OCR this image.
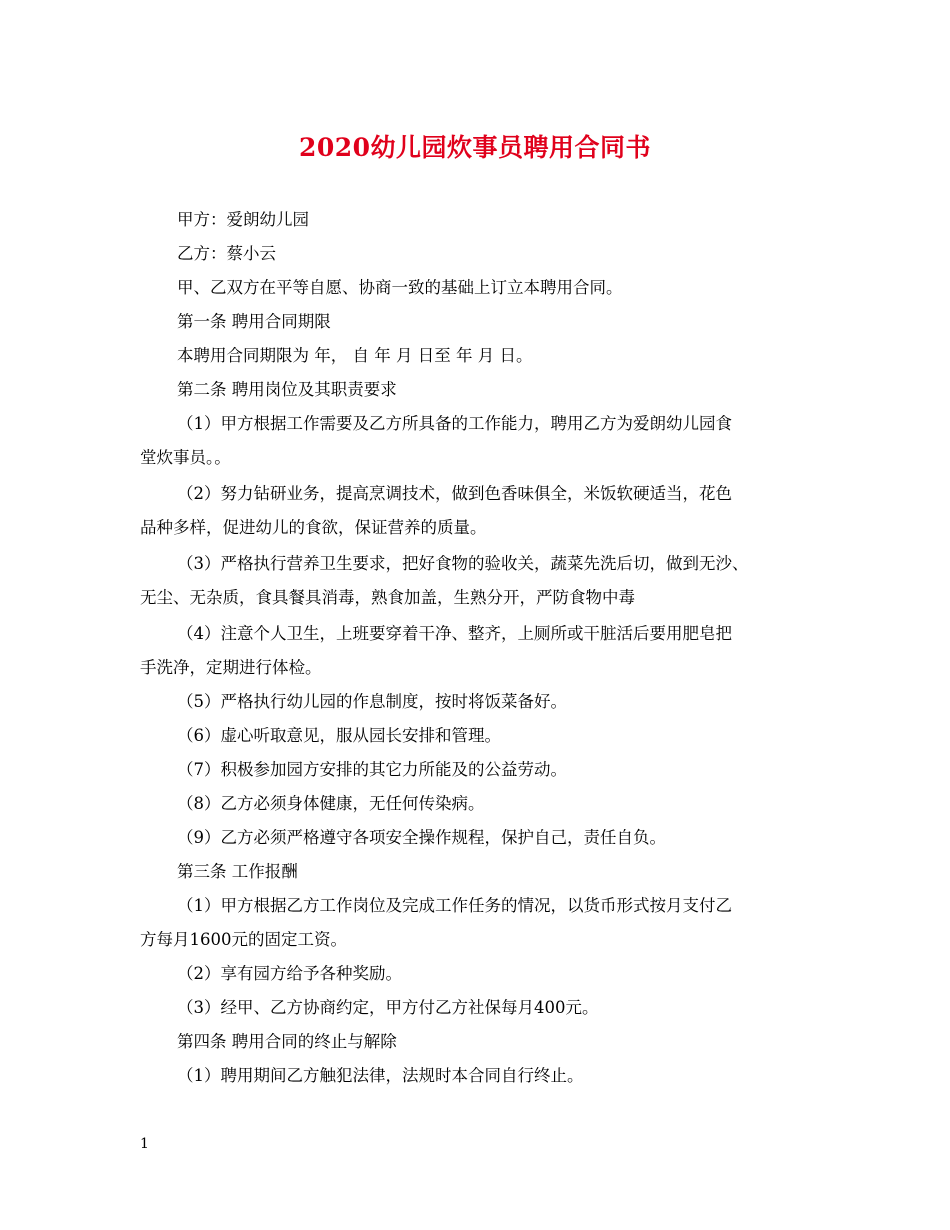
2020幼儿园炊事员聘用合同书
甲方：爱朗幼儿园
乙方：蔡小云
甲、乙双方在平等自愿、协商一致的基础上订立本聘用合同。
第一条 聘用合同期限
本聘用合同期限为 年， 自 年 月 日至 年 月 日。
第二条 聘用岗位及其职责要求
（1）甲方根据工作需要及乙方所具备的工作能力，聘用乙方为爱朗幼儿园食
堂炊事员。。
（2）努力钻研业务，提高烹调技术，做到色香味俱全，米饭软硬适当，花色
品种多样，促进幼儿的食欲，保证营养的质量。
（3）严格执行营养卫生要求，把好食物的验收关，蔬菜先洗后切，做到无沙、
无尘、无杂质，食具餐具消毒，熟食加盖，生熟分开，严防食物中毒
（4）注意个人卫生，上班要穿着干净、整齐，上厕所或干脏活后要用肥皂把
手洗净，定期进行体检。
（5）严格执行幼儿园的作息制度，按时将饭菜备好。
（6）虚心听取意见，服从园长安排和管理。
（7）积极参加园方安排的其它力所能及的公益劳动。
（8）乙方必须身体健康，无任何传染病。
（9）乙方必须严格遵守各项安全操作规程，保护自己，责任自负。
第三条 工作报酬
（1）甲方根据乙方工作岗位及完成工作任务的情况，以货币形式按月支付乙
方每月1600元的固定工资。
（2）享有园方给予各种奖励。
（3）经甲、乙方协商约定，甲方付乙方社保每月400元。
第四条 聘用合同的终止与解除
（1）聘用期间乙方触犯法律，法规时本合同自行终止。
1
